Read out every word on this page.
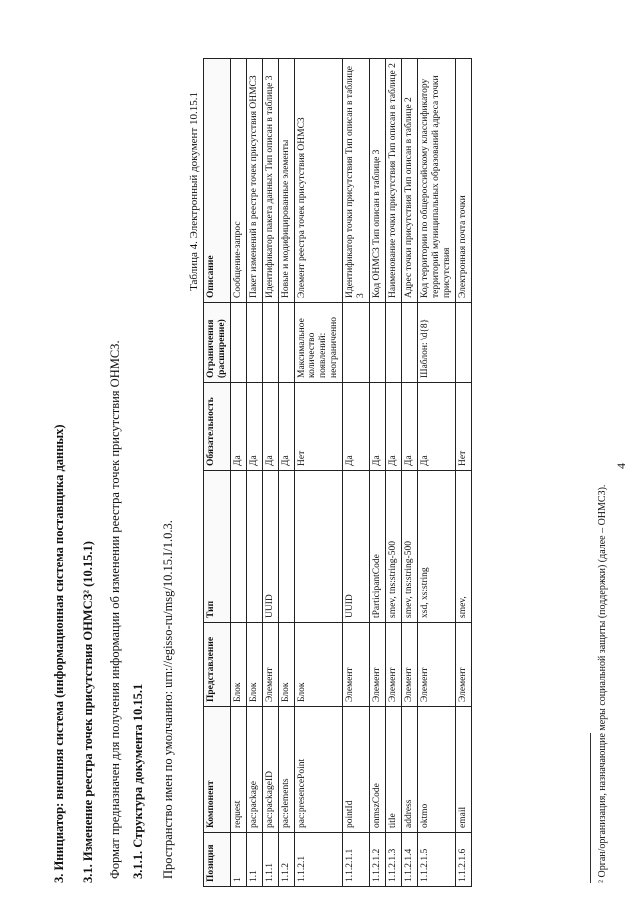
3. Инициатор: внешняя система (информационная система поставщика данных) 3.1. Изменение реестра точек присутствия ОНМСЗ² (10.15.1) Формат предназначен для получения информации об изменении реестра точек присутствия ОНМСЗ. 3.1.1. Структура документа 10.15.1 Пространство имен по умолчанию: urn://egisso-ru/msg/10.15.I/1.0.3.
Таблица 4. Электронный документ 10.15.1
Позиция	Компонент	Представление	Тип	Обязательность	Ограничения (расширение)	Описание
1	request	Блок		Да		Сообщение-запрос
1.1	pac:package	Блок		Да		Пакет изменений в реестре точек присутствия ОНМСЗ
1.1.1	pac:packageID	Элемент	UUID	Да		Идентификатор пакета данных Тип описан в таблице 3
1.1.2	pac:elements	Блок		Да		Новые и модифицированные элементы
1.1.2.1	pac:presencePoint	Блок		Нет	Максимальное количество появлений: неограниченно	Элемент реестра точек присутствия ОНМСЗ
1.1.2.1.1	pointId	Элемент	UUID	Да		Идентификатор точки присутствия Тип описан в таблице 3
1.1.2.1.2	onmszCode	Элемент	tParticipantCode	Да		Код ОНМСЗ Тип описан в таблице 3
1.1.2.1.3	title	Элемент	smev, tns:string-500	Да		Наименование точки присутствия Тип описан в таблице 2
1.1.2.1.4	address	Элемент	smev, tns:string-500	Да		Адрес точки присутствия Тип описан в таблице 2
1.1.2.1.5	oktmo	Элемент	xsd, xs:string	Да	Шаблон: \d{8}	Код территории по общероссийскому классификатору территорий муниципальных образований адреса точки присутствия
1.1.2.1.6	email	Элемент	smev,	Нет		Электронная почта точки
² Орган/организация, назначающие меры социальной защиты (поддержки) (далее – ОНМСЗ).
4
